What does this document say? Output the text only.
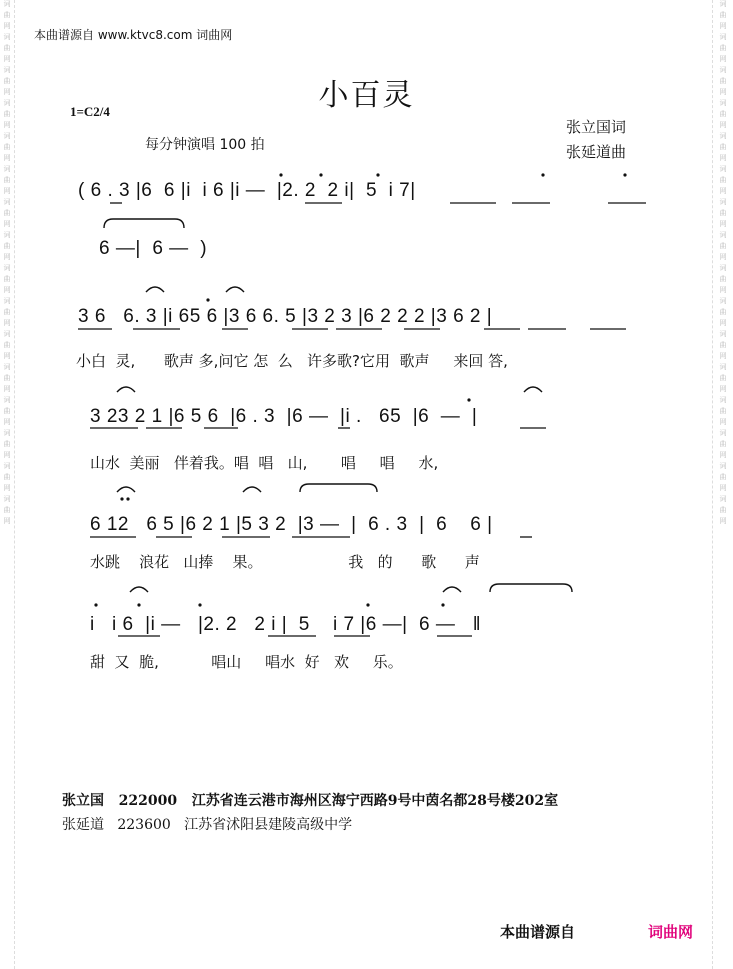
词曲网词曲网词曲网词曲网词曲网词曲网词曲网词曲网词曲网词曲网词曲网词曲网词曲网词曲网词曲网词曲网	词曲网词曲网词曲网词曲网词曲网词曲网词曲网词曲网词曲网词曲网词曲网词曲网词曲网词曲网词曲网词曲网
本曲谱源自 www.ktvc8.com 词曲网
小百灵
1=C2/4
每分钟演唱 100 拍
张立国词
张延道曲
( 6 . 3 |6  6 |i  i 6 |i —  |2. 2  2 i|  5  i 7|
6 —|  6 —  )
3 6   6. 3 |i 65 6 |3 6 6. 5 |3 2 3 |6 2 2 2 |3 6 2 |
小白  灵,      歌声 多,问它 怎  么   许多歌?它用  歌声     来回 答,
3 23 2 1 |6 5 6  |6 . 3  |6 —  |i .   65  |6  —  |
山水  美丽   伴着我。唱  唱   山,       唱     唱     水,
6 12   6 5 |6 2 1 |5 3 2  |3 —  |  6 . 3  |  6    6 |
水跳    浪花   山捧    果。                  我   的      歌      声
i   i 6  |i —   |2. 2   2 i |  5    i 7 |6 —|  6 —   ‖
甜  又  脆,           唱山     唱水  好   欢     乐。
张立国   222000   江苏省连云港市海州区海宁西路9号中茵名都28号楼202室
张延道   223600   江苏省沭阳县建陵高级中学
本曲谱源自	词曲网
